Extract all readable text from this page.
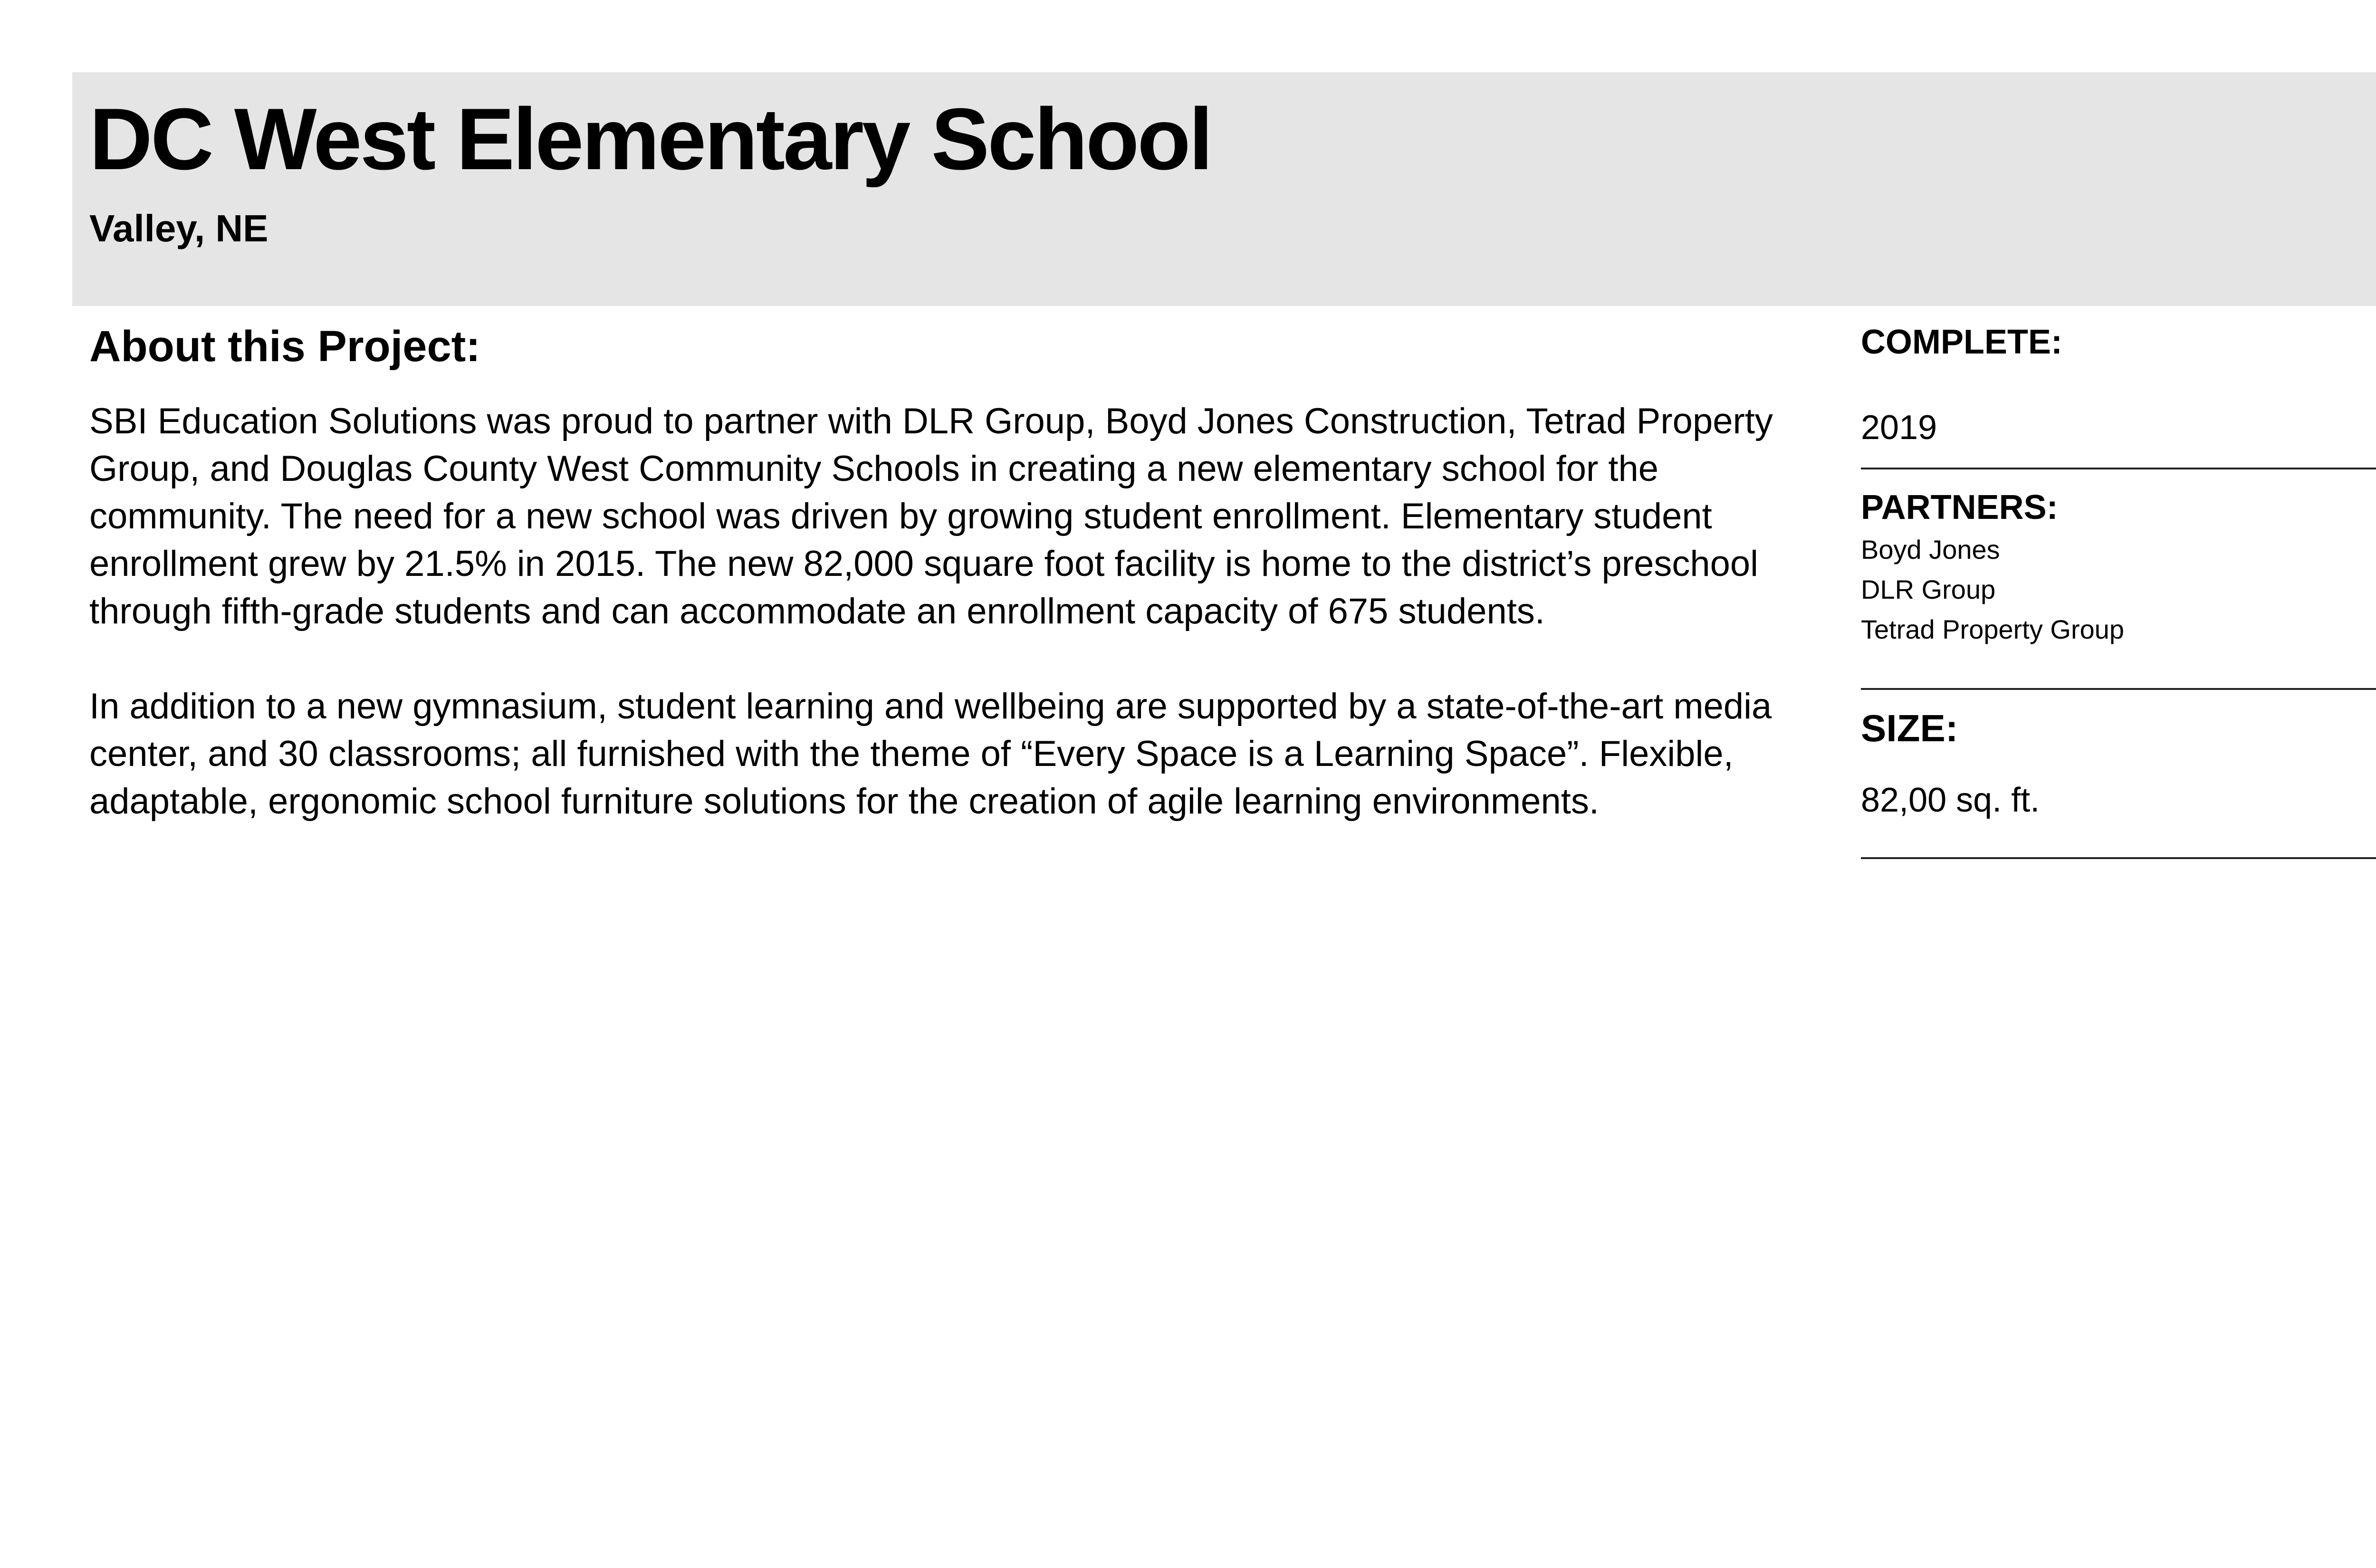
DC West Elementary School

Valley, NE

About this Project:

SBI Education Solutions was proud to partner with DLR Group, Boyd Jones Construction, Tetrad Property Group, and Douglas County West Community Schools in creating a new elementary school for the community. The need for a new school was driven by growing student enrollment. Elementary student enrollment grew by 21.5% in 2015. The new 82,000 square foot facility is home to the district’s preschool through fifth-grade students and can accommodate an enrollment capacity of 675 students.

In addition to a new gymnasium, student learning and wellbeing are supported by a state-of-the-art media center, and 30 classrooms; all furnished with the theme of “Every Space is a Learning Space”. Flexible, adaptable, ergonomic school furniture solutions for the creation of agile learning environments.

COMPLETE:

2019

PARTNERS:

Boyd Jones
DLR Group
Tetrad Property Group

SIZE:

82,00 sq. ft.
